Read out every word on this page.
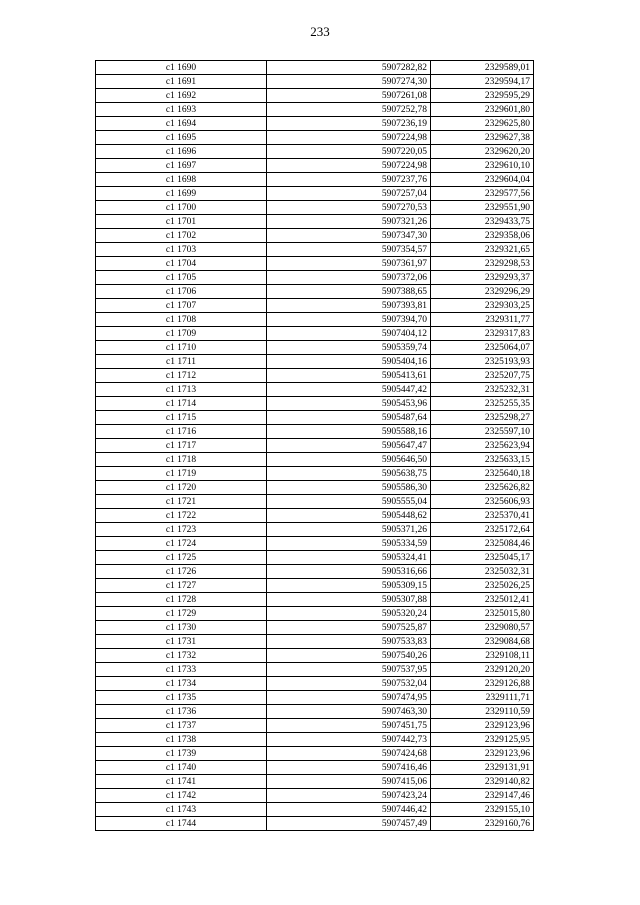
233
с1 1690	5907282,82	2329589,01
с1 1691	5907274,30	2329594,17
с1 1692	5907261,08	2329595,29
с1 1693	5907252,78	2329601,80
с1 1694	5907236,19	2329625,80
с1 1695	5907224,98	2329627,38
с1 1696	5907220,05	2329620,20
с1 1697	5907224,98	2329610,10
с1 1698	5907237,76	2329604,04
с1 1699	5907257,04	2329577,56
с1 1700	5907270,53	2329551,90
с1 1701	5907321,26	2329433,75
с1 1702	5907347,30	2329358,06
с1 1703	5907354,57	2329321,65
с1 1704	5907361,97	2329298,53
с1 1705	5907372,06	2329293,37
с1 1706	5907388,65	2329296,29
с1 1707	5907393,81	2329303,25
с1 1708	5907394,70	2329311,77
с1 1709	5907404,12	2329317,83
с1 1710	5905359,74	2325064,07
с1 1711	5905404,16	2325193,93
с1 1712	5905413,61	2325207,75
с1 1713	5905447,42	2325232,31
с1 1714	5905453,96	2325255,35
с1 1715	5905487,64	2325298,27
с1 1716	5905588,16	2325597,10
с1 1717	5905647,47	2325623,94
с1 1718	5905646,50	2325633,15
с1 1719	5905638,75	2325640,18
с1 1720	5905586,30	2325626,82
с1 1721	5905555,04	2325606,93
с1 1722	5905448,62	2325370,41
с1 1723	5905371,26	2325172,64
с1 1724	5905334,59	2325084,46
с1 1725	5905324,41	2325045,17
с1 1726	5905316,66	2325032,31
с1 1727	5905309,15	2325026,25
с1 1728	5905307,88	2325012,41
с1 1729	5905320,24	2325015,80
с1 1730	5907525,87	2329080,57
с1 1731	5907533,83	2329084,68
с1 1732	5907540,26	2329108,11
с1 1733	5907537,95	2329120,20
с1 1734	5907532,04	2329126,88
с1 1735	5907474,95	2329111,71
с1 1736	5907463,30	2329110,59
с1 1737	5907451,75	2329123,96
с1 1738	5907442,73	2329125,95
с1 1739	5907424,68	2329123,96
с1 1740	5907416,46	2329131,91
с1 1741	5907415,06	2329140,82
с1 1742	5907423,24	2329147,46
с1 1743	5907446,42	2329155,10
с1 1744	5907457,49	2329160,76
